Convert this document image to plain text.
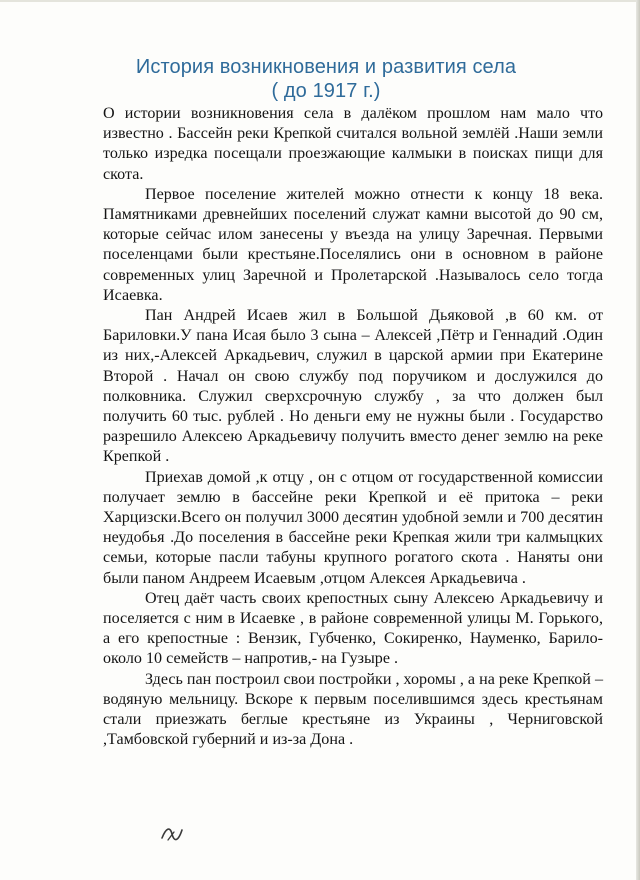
История возникновения и развития села
( до 1917 г.)

О истории возникновения села в далёком прошлом нам мало что известно . Бассейн реки Крепкой считался вольной землёй .Наши земли только изредка посещали проезжающие калмыки в поисках пищи для скота.

Первое поселение жителей можно отнести к концу 18 века. Памятниками древнейших поселений служат камни высотой до 90 см, которые сейчас илом занесены у въезда на улицу Заречная. Первыми поселенцами были крестьяне.Поселялись они в основном в районе современных улиц Заречной и Пролетарской .Называлось село тогда Исаевка.

Пан Андрей Исаев жил в Большой Дьяковой ,в 60 км. от Бариловки.У пана Исая было 3 сына – Алексей ,Пётр и Геннадий .Один из них,-Алексей Аркадьевич, служил в царской армии при Екатерине Второй . Начал он свою службу под поручиком и дослужился до полковника. Служил сверхсрочную службу , за что должен был получить 60 тыс. рублей . Но деньги ему не нужны были . Государство разрешило Алексею Аркадьевичу получить вместо денег землю на реке Крепкой .

Приехав домой ,к отцу , он с отцом от государственной комиссии получает землю в бассейне реки Крепкой и её притока – реки Харцизски.Всего он получил 3000 десятин удобной земли и 700 десятин неудобья .До поселения в бассейне реки Крепкая жили три калмыцких семьи, которые пасли табуны крупного рогатого скота . Наняты они были паном Андреем Исаевым ,отцом Алексея Аркадьевича .

Отец даёт часть своих крепостных сыну Алексею Аркадьевичу и поселяется с ним в Исаевке , в районе современной улицы М. Горького, а его крепостные : Вензик, Губченко, Сокиренко, Науменко, Барило-около 10 семейств – напротив,- на Гузыре .

Здесь пан построил свои постройки , хоромы , а на реке Крепкой – водяную мельницу. Вскоре к первым поселившимся здесь крестьянам стали приезжать беглые крестьяне из Украины , Черниговской ,Тамбовской губерний и из-за Дона .
